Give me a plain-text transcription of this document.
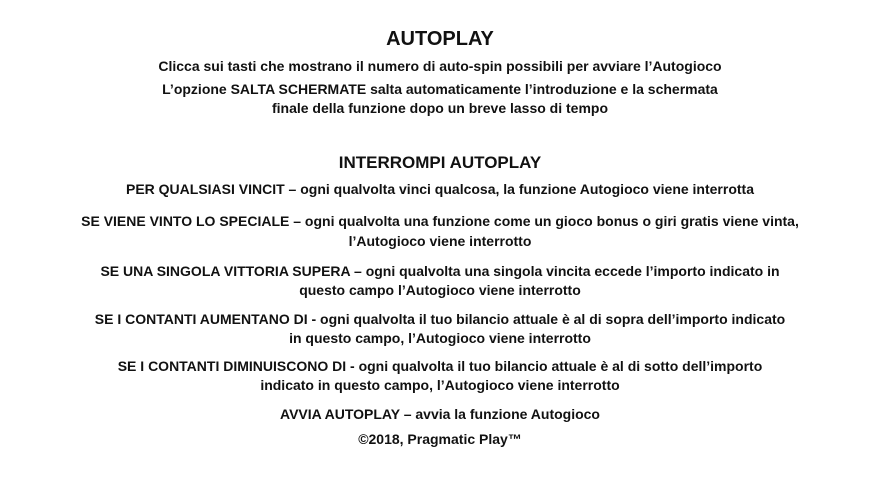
AUTOPLAY
Clicca sui tasti che mostrano il numero di auto-spin possibili per avviare l’Autogioco
L’opzione SALTA SCHERMATE salta automaticamente l’introduzione e la schermata
finale della funzione dopo un breve lasso di tempo
INTERROMPI AUTOPLAY
PER QUALSIASI VINCIT – ogni qualvolta vinci qualcosa, la funzione Autogioco viene interrotta
SE VIENE VINTO LO SPECIALE – ogni qualvolta una funzione come un gioco bonus o giri gratis viene vinta,
l’Autogioco viene interrotto
SE UNA SINGOLA VITTORIA SUPERA – ogni qualvolta una singola vincita eccede l’importo indicato in
questo campo l’Autogioco viene interrotto
SE I CONTANTI AUMENTANO DI - ogni qualvolta il tuo bilancio attuale è al di sopra dell’importo indicato
in questo campo, l’Autogioco viene interrotto
SE I CONTANTI DIMINUISCONO DI - ogni qualvolta il tuo bilancio attuale è al di sotto dell’importo
indicato in questo campo, l’Autogioco viene interrotto
AVVIA AUTOPLAY – avvia la funzione Autogioco
©2018, Pragmatic Play™
